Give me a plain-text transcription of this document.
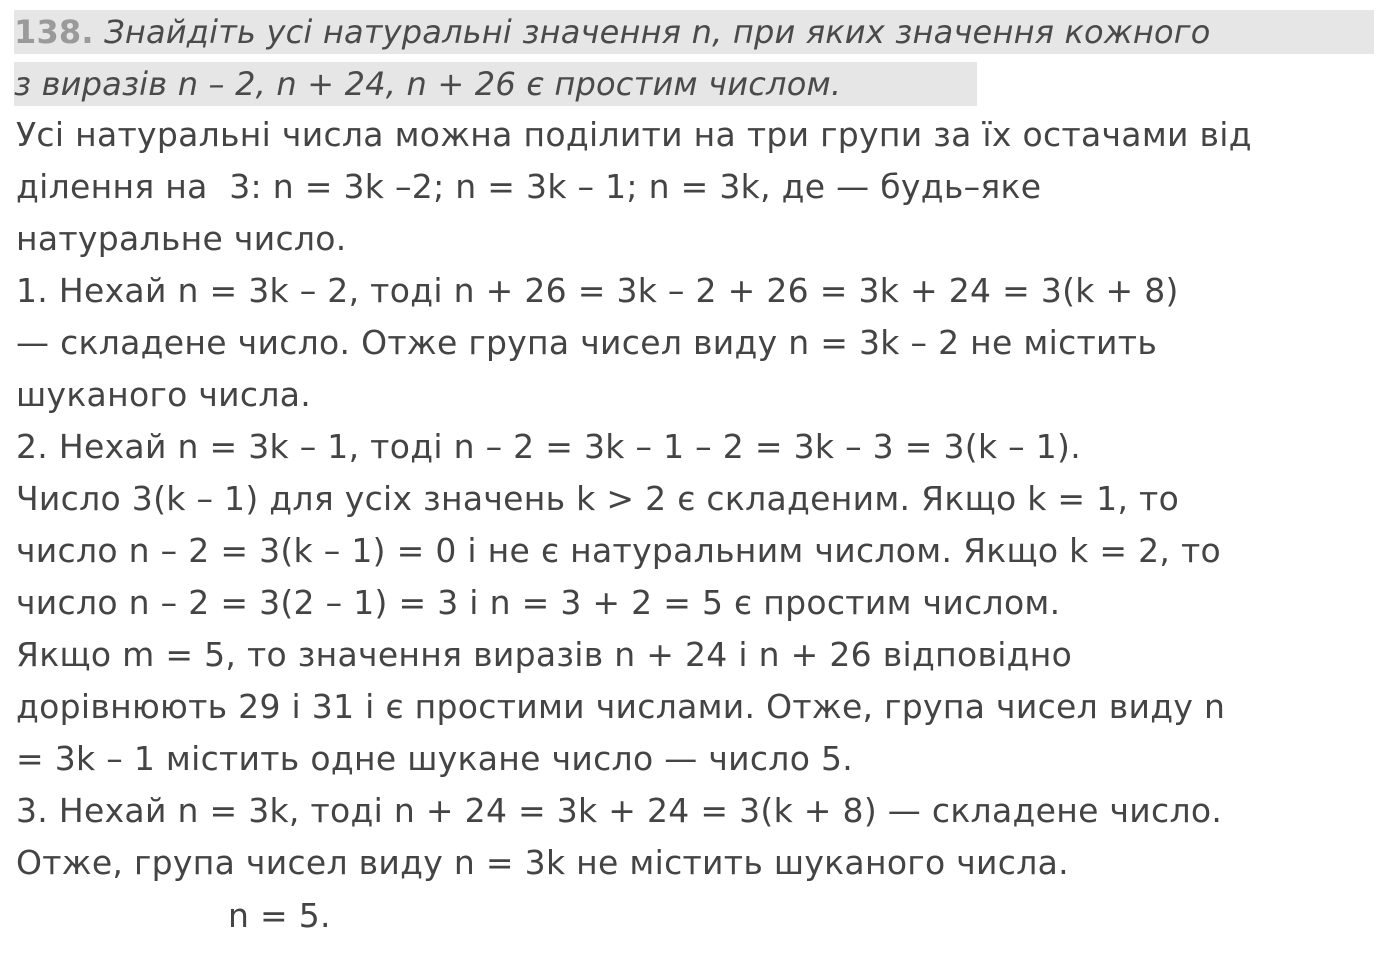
138. Знайдіть усі натуральні значення n, при яких значення кожного
з виразів n – 2, n + 24, n + 26 є простим числом.
Усі натуральні числа можна поділити на три групи за їх остачами від
ділення на  3: n = 3k –2; n = 3k – 1; n = 3k, де — будь–яке
натуральне число.
1. Нехай n = 3k – 2, тоді n + 26 = 3k – 2 + 26 = 3k + 24 = 3(k + 8)
— складене число. Отже група чисел виду n = 3k – 2 не містить
шуканого числа.
2. Нехай n = 3k – 1, тоді n – 2 = 3k – 1 – 2 = 3k – 3 = 3(k – 1).
Число 3(k – 1) для усіх значень k > 2 є складеним. Якщо k = 1, то
число n – 2 = 3(k – 1) = 0 і не є натуральним числом. Якщо k = 2, то
число n – 2 = 3(2 – 1) = 3 і n = 3 + 2 = 5 є простим числом.
Якщо m = 5, то значення виразів n + 24 і n + 26 відповідно
дорівнюють 29 і 31 і є простими числами. Отже, група чисел виду n
= 3k – 1 містить одне шукане число — число 5.
3. Нехай n = 3k, тоді n + 24 = 3k + 24 = 3(k + 8) — складене число.
Отже, група чисел виду n = 3k не містить шуканого числа.
n = 5.
